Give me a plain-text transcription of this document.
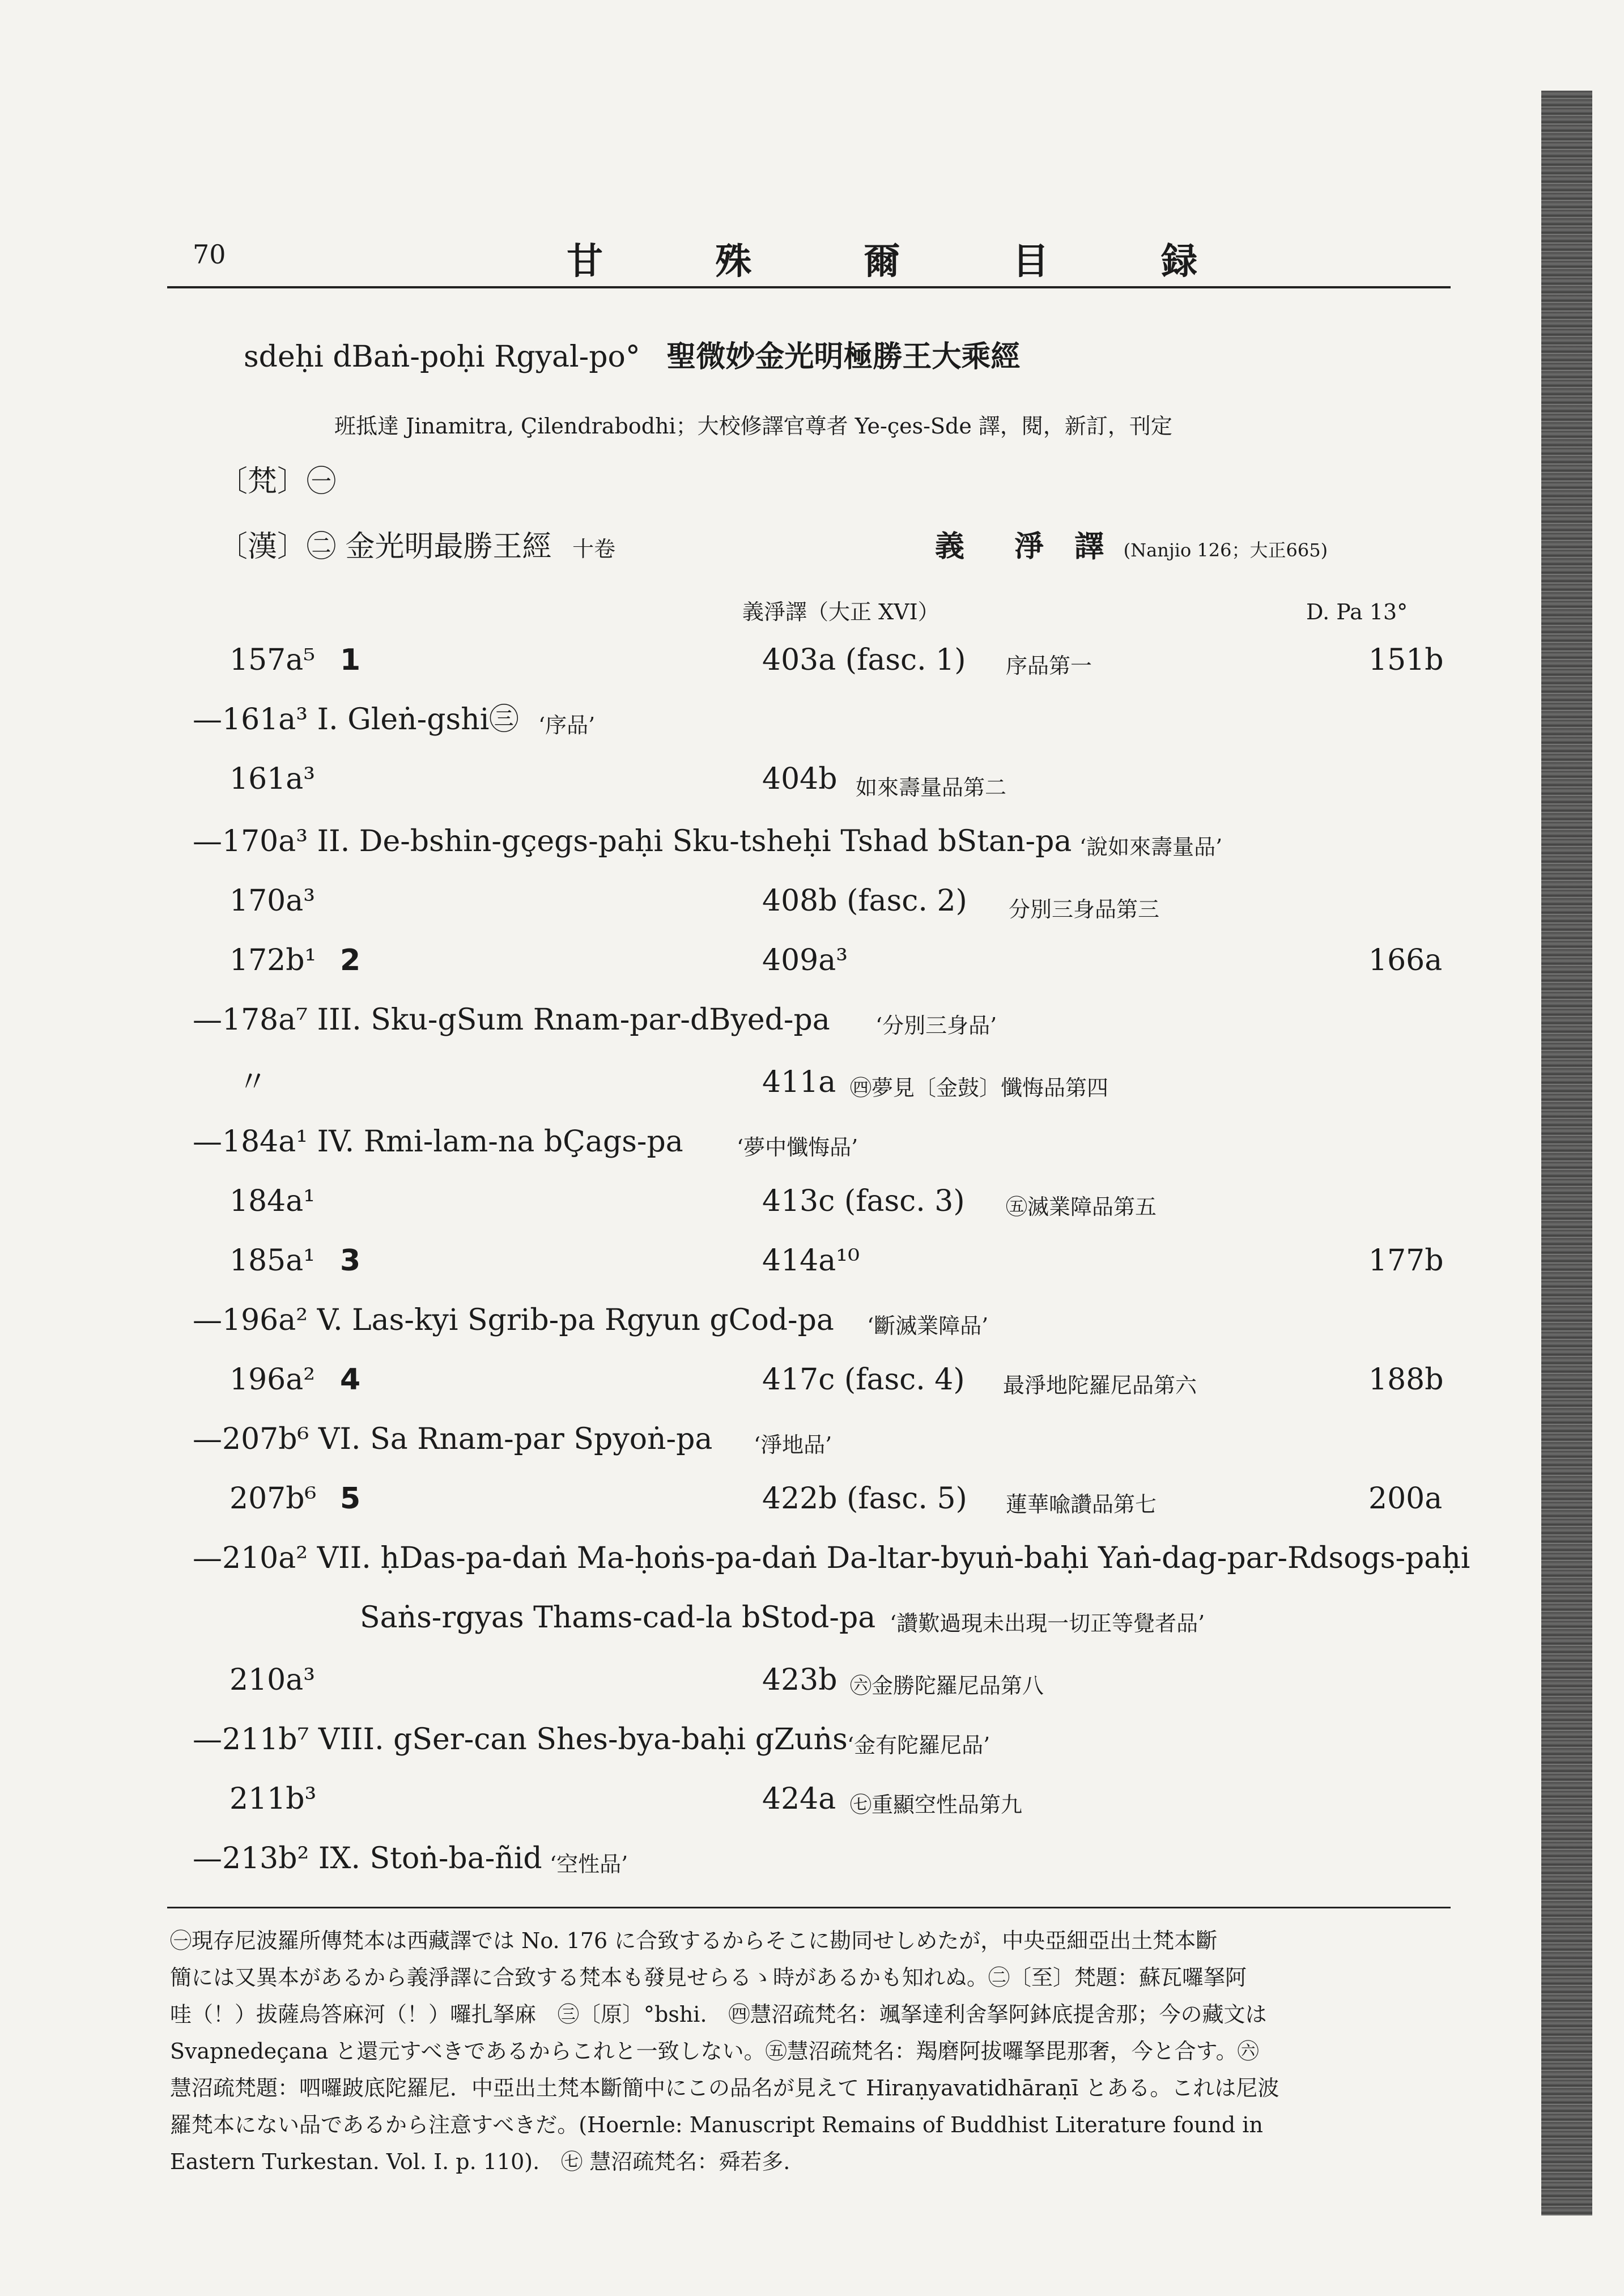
70	甘 殊 爾 目 録
sdeḥi dBaṅ-poḥi Rgyal-po° 聖微妙金光明極勝王大乘經
班抵達 Jinamitra, Çilendrabodhi；大校修譯官尊者 Ye-çes-Sde 譯，閱，新訂，刊定
〔梵〕㊀
〔漢〕㊁ 金光明最勝王經 十卷	義　淨 譯 (Nanjio 126；大正665)
義淨譯（大正 XVI）	D. Pa 13°
157a⁵ 1	403a (fasc. 1) 序品第一	151b
—161a³ I. Gleṅ-gshi㊂ ‘序品’
161a³	404b 如來壽量品第二
—170a³ II. De-bshin-gçegs-paḥi Sku-tsheḥi Tshad bStan-pa ‘說如來壽量品’
170a³	408b (fasc. 2) 分別三身品第三
172b¹ 2	409a³	166a
—178a⁷ III. Sku-gSum Rnam-par-dByed-pa ‘分別三身品’
〃	411a ㊃夢見〔金鼓〕懺悔品第四
—184a¹ IV. Rmi-lam-na bÇags-pa ‘夢中懺悔品’
184a¹	413c (fasc. 3) ㊄滅業障品第五
185a¹ 3	414a¹⁰	177b
—196a² V. Las-kyi Sgrib-pa Rgyun gCod-pa ‘斷滅業障品’
196a² 4	417c (fasc. 4) 最淨地陀羅尼品第六	188b
—207b⁶ VI. Sa Rnam-par Spyoṅ-pa ‘淨地品’
207b⁶ 5	422b (fasc. 5) 蓮華喩讚品第七	200a
—210a² VII. ḥDas-pa-daṅ Ma-ḥoṅs-pa-daṅ Da-ltar-byuṅ-baḥi Yaṅ-dag-par-Rdsogs-paḥi
Saṅs-rgyas Thams-cad-la bStod-pa ‘讚歎過現未出現一切正等覺者品’
210a³	423b ㊅金勝陀羅尼品第八
—211b⁷ VIII. gSer-can Shes-bya-baḥi gZuṅs ‘金有陀羅尼品’
211b³	424a ㊆重顯空性品第九
—213b² IX. Stoṅ-ba-ñid ‘空性品’
㊀現存尼波羅所傳梵本は西藏譯では No. 176 に合致するからそこに勘同せしめたが，中央亞細亞出土梵本斷
簡には又異本があるから義淨譯に合致する梵本も發見せらるゝ時があるかも知れぬ。㊁〔至〕梵題：蘇瓦囉拏阿
哇（！）拔薩烏答麻河（！）囉扎拏麻　㊂〔原〕°bshi.　㊃慧沼疏梵名：颯拏達利舍拏阿鉢底提舍那；今の藏文は
Svapnedeçana と還元すべきであるからこれと一致しない。㊄慧沼疏梵名：羯磨阿拔囉拏毘那奢，今と合す。㊅
慧沼疏梵題：呬囉跛底陀羅尼．中亞出土梵本斷簡中にこの品名が見えて Hiraṇyavatidhāraṇī とある。これは尼波
羅梵本にない品であるから注意すべきだ。(Hoernle: Manuscript Remains of Buddhist Literature found in
Eastern Turkestan. Vol. I. p. 110).　㊆ 慧沼疏梵名：舜若多.
